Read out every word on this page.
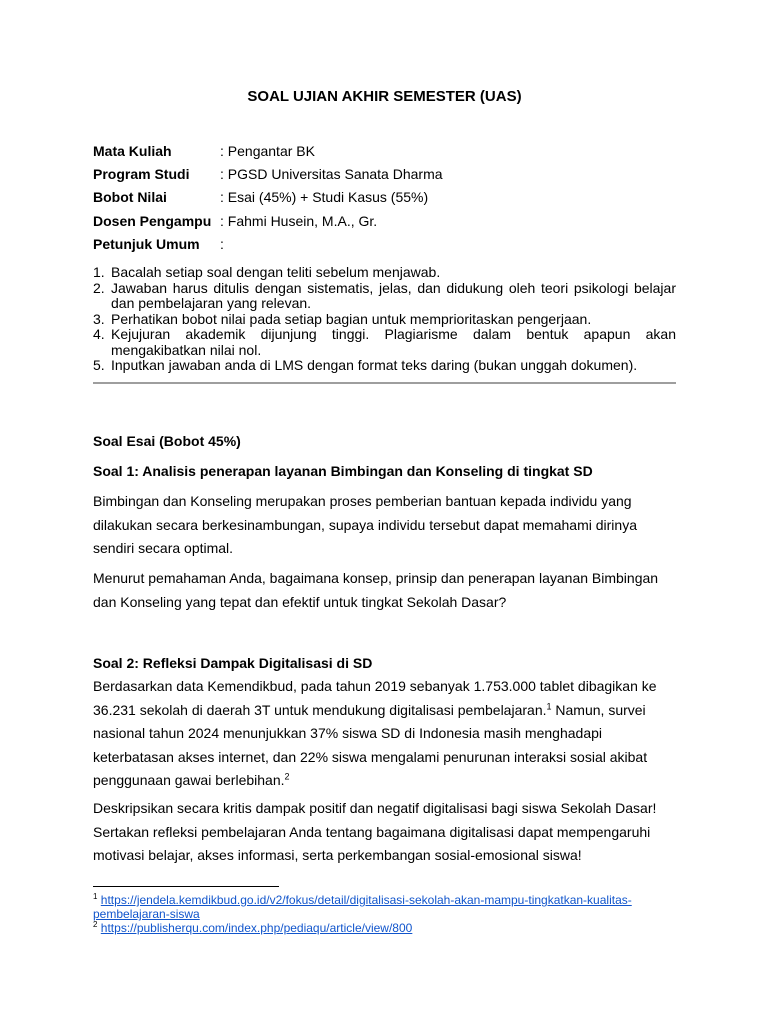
SOAL UJIAN AKHIR SEMESTER (UAS)
Mata Kuliah	: Pengantar BK
Program Studi	: PGSD Universitas Sanata Dharma
Bobot Nilai	: Esai (45%) + Studi Kasus (55%)
Dosen Pengampu : Fahmi Husein, M.A., Gr.
Petunjuk Umum	:
1. Bacalah setiap soal dengan teliti sebelum menjawab.
2. Jawaban harus ditulis dengan sistematis, jelas, dan didukung oleh teori psikologi belajar dan pembelajaran yang relevan.
3. Perhatikan bobot nilai pada setiap bagian untuk memprioritaskan pengerjaan.
4. Kejujuran akademik dijunjung tinggi. Plagiarisme dalam bentuk apapun akan mengakibatkan nilai nol.
5. Inputkan jawaban anda di LMS dengan format teks daring (bukan unggah dokumen).
Soal Esai (Bobot 45%)
Soal 1: Analisis penerapan layanan Bimbingan dan Konseling di tingkat SD

Bimbingan dan Konseling merupakan proses pemberian bantuan kepada individu yang dilakukan secara berkesinambungan, supaya individu tersebut dapat memahami dirinya sendiri secara optimal.

Menurut pemahaman Anda, bagaimana konsep, prinsip dan penerapan layanan Bimbingan dan Konseling yang tepat dan efektif untuk tingkat Sekolah Dasar?

Soal 2: Refleksi Dampak Digitalisasi di SD

Berdasarkan data Kemendikbud, pada tahun 2019 sebanyak 1.753.000 tablet dibagikan ke 36.231 sekolah di daerah 3T untuk mendukung digitalisasi pembelajaran.$^1$ Namun, survei nasional tahun 2024 menunjukkan 37% siswa SD di Indonesia masih menghadapi keterbatasan akses internet, dan 22% siswa mengalami penurunan interaksi sosial akibat penggunaan gawai berlebihan.$^2$

Deskripsikan secara kritis dampak positif dan negatif digitalisasi bagi siswa Sekolah Dasar! Sertakan refleksi pembelajaran Anda tentang bagaimana digitalisasi dapat mempengaruhi motivasi belajar, akses informasi, serta perkembangan sosial-emosional siswa!

$^1$ https://jendela.kemdikbud.go.id/v2/fokus/detail/digitalisasi-sekolah-akan-mampu-tingkatkan-kualitas-pembelajaran-siswa
$^2$ https://publisherqu.com/index.php/pediaqu/article/view/800
